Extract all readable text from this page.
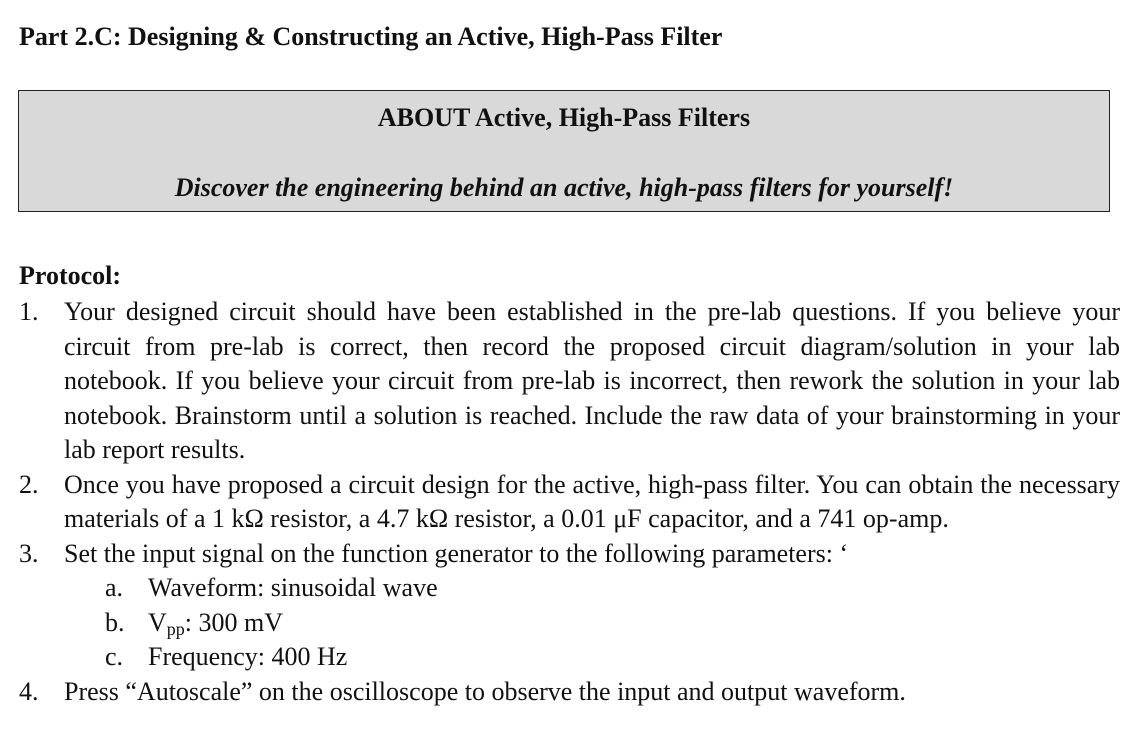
Part 2.C: Designing & Constructing an Active, High-Pass Filter
ABOUT Active, High-Pass Filters
Discover the engineering behind an active, high-pass filters for yourself!
Protocol:
1. Your designed circuit should have been established in the pre-lab questions. If you believe your circuit from pre-lab is correct, then record the proposed circuit diagram/solution in your lab notebook. If you believe your circuit from pre-lab is incorrect, then rework the solution in your lab notebook. Brainstorm until a solution is reached. Include the raw data of your brainstorming in your lab report results.
2. Once you have proposed a circuit design for the active, high-pass filter. You can obtain the necessary materials of a 1 kΩ resistor, a 4.7 kΩ resistor, a 0.01 μF capacitor, and a 741 op-amp.
3. Set the input signal on the function generator to the following parameters: ‘
a. Waveform: sinusoidal wave
b. $V_{pp}$: 300 mV
c. Frequency: 400 Hz
4. Press “Autoscale” on the oscilloscope to observe the input and output waveform.
